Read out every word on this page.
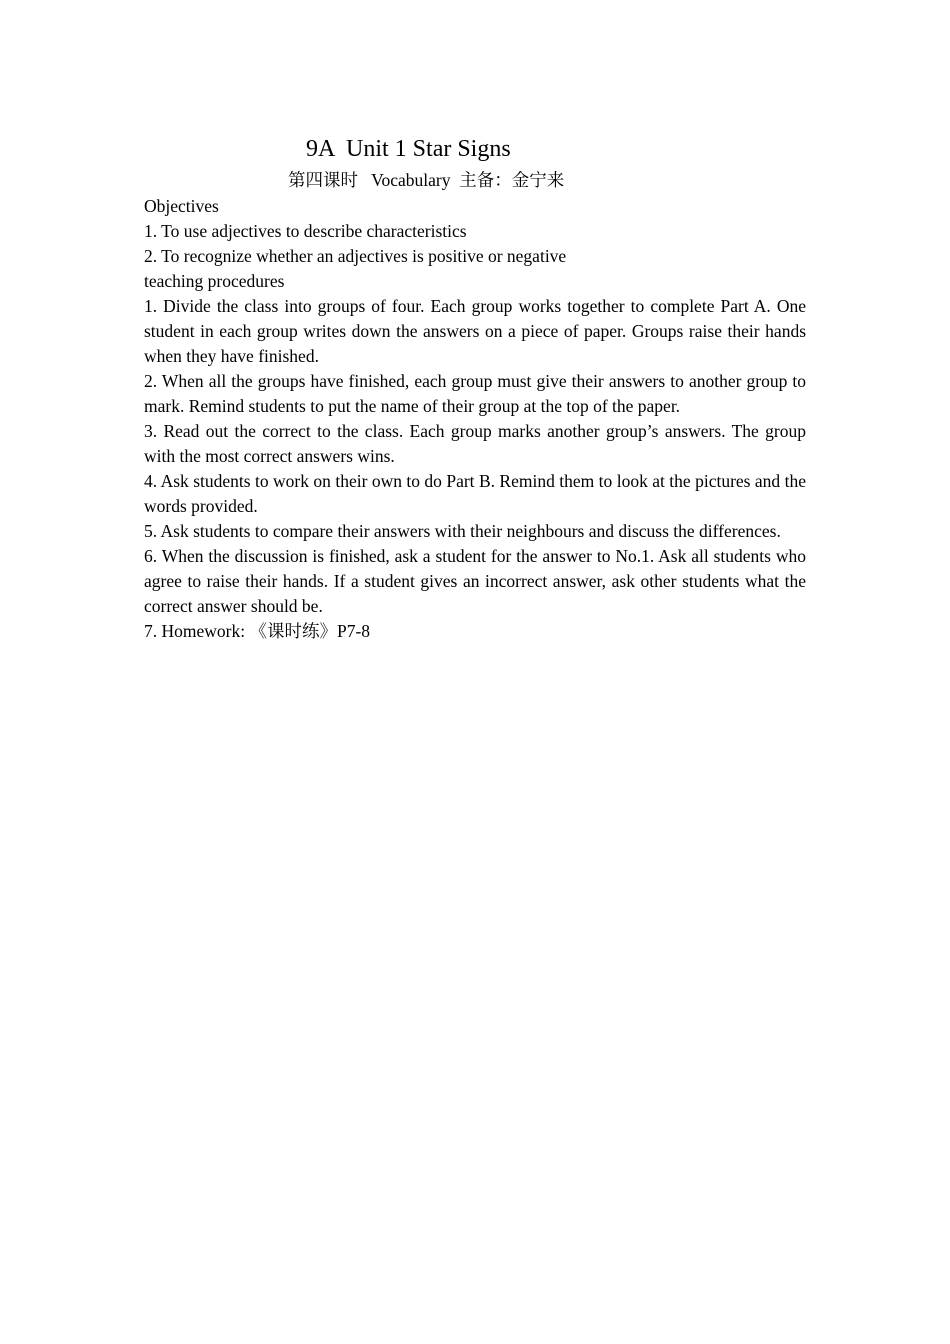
9A  Unit 1 Star Signs

第四课时   Vocabulary  主备：金宁来

Objectives

1. To use adjectives to describe characteristics

2. To recognize whether an adjectives is positive or negative

teaching procedures

1. Divide the class into groups of four. Each group works together to complete Part A. One student in each group writes down the answers on a piece of paper. Groups raise their hands when they have finished.

2. When all the groups have finished, each group must give their answers to another group to mark. Remind students to put the name of their group at the top of the paper.

3. Read out the correct to the class. Each group marks another group’s answers. The group with the most correct answers wins.

4. Ask students to work on their own to do Part B. Remind them to look at the pictures and the words provided.

5. Ask students to compare their answers with their neighbours and discuss the differences.

6. When the discussion is finished, ask a student for the answer to No.1. Ask all students who agree to raise their hands. If a student gives an incorrect answer, ask other students what the correct answer should be.

7. Homework: 《课时练》P7-8
